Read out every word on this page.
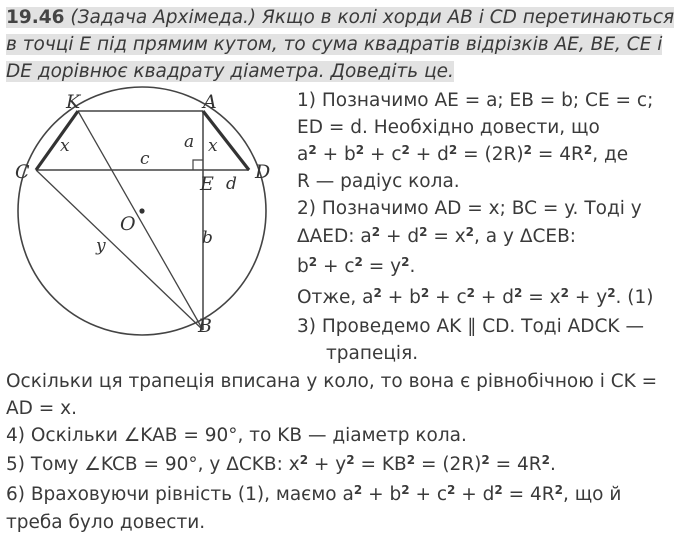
19.46 (Задача Архімеда.) Якщо в колі хорди AB і CD перетинаються
в точці E під прямим кутом, то сума квадратів відрізків AE, BE, CE і
DE дорівнює квадрату діаметра. Доведіть це.
K	A
C	D
E
O
B
x	x
c
a
d
y	b
1) Позначимо AE = a; EB = b; CE = c;
ED = d. Необхідно довести, що
$a^2 + b^2 + c^2 + d^2 = (2R)^2 = 4R^2$, де
R — радіус кола.
2) Позначимо AD = x; BC = y. Тоді у
ΔAED: $a^2 + d^2 = x^2$, а у ΔCEB:
$b^2 + c^2 = y^2$.
Отже, $a^2 + b^2 + c^2 + d^2 = x^2 + y^2$. (1)
3) Проведемо AK ∥ CD. Тоді ADCK —
трапеція.
Оскільки ця трапеція вписана у коло, то вона є рівнобічною і CK =
AD = x.
4) Оскільки ∠KAB = 90°, то KB — діаметр кола.
5) Тому ∠KCB = 90°, у ΔCKB: $x^2 + y^2 = KB^2 = (2R)^2 = 4R^2$.
6) Враховуючи рівність (1), маємо $a^2 + b^2 + c^2 + d^2 = 4R^2$, що й
треба було довести.
